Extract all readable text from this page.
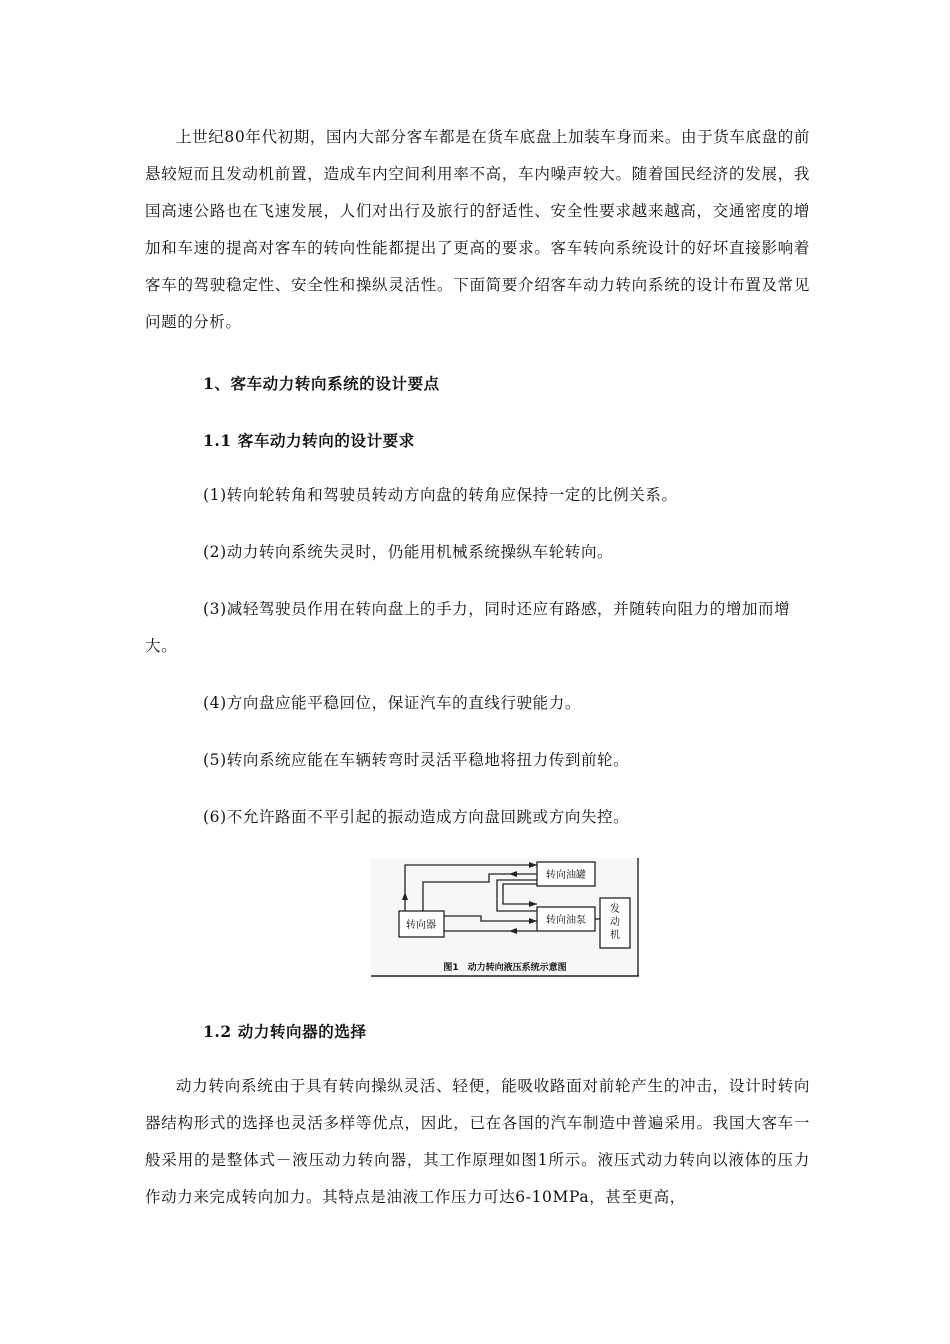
上世纪80年代初期，国内大部分客车都是在货车底盘上加装车身而来。由于货车底盘的前悬较短而且发动机前置，造成车内空间利用率不高，车内噪声较大。随着国民经济的发展，我国高速公路也在飞速发展，人们对出行及旅行的舒适性、安全性要求越来越高，交通密度的增加和车速的提高对客车的转向性能都提出了更高的要求。客车转向系统设计的好坏直接影响着客车的驾驶稳定性、安全性和操纵灵活性。下面简要介绍客车动力转向系统的设计布置及常见问题的分析。

1、客车动力转向系统的设计要点

1.1 客车动力转向的设计要求

(1)转向轮转角和驾驶员转动方向盘的转角应保持一定的比例关系。

(2)动力转向系统失灵时，仍能用机械系统操纵车轮转向。

(3)减轻驾驶员作用在转向盘上的手力，同时还应有路感，并随转向阻力的增加而增大。

(4)方向盘应能平稳回位，保证汽车的直线行驶能力。

(5)转向系统应能在车辆转弯时灵活平稳地将扭力传到前轮。

(6)不允许路面不平引起的振动造成方向盘回跳或方向失控。

转向油罐
转向器	转向油泵
发动机
图1　动力转向液压系统示意图

1.2 动力转向器的选择

动力转向系统由于具有转向操纵灵活、轻便，能吸收路面对前轮产生的冲击，设计时转向器结构形式的选择也灵活多样等优点，因此，已在各国的汽车制造中普遍采用。我国大客车一般采用的是整体式－液压动力转向器，其工作原理如图1所示。液压式动力转向以液体的压力作动力来完成转向加力。其特点是油液工作压力可达6-10MPa，甚至更高，
